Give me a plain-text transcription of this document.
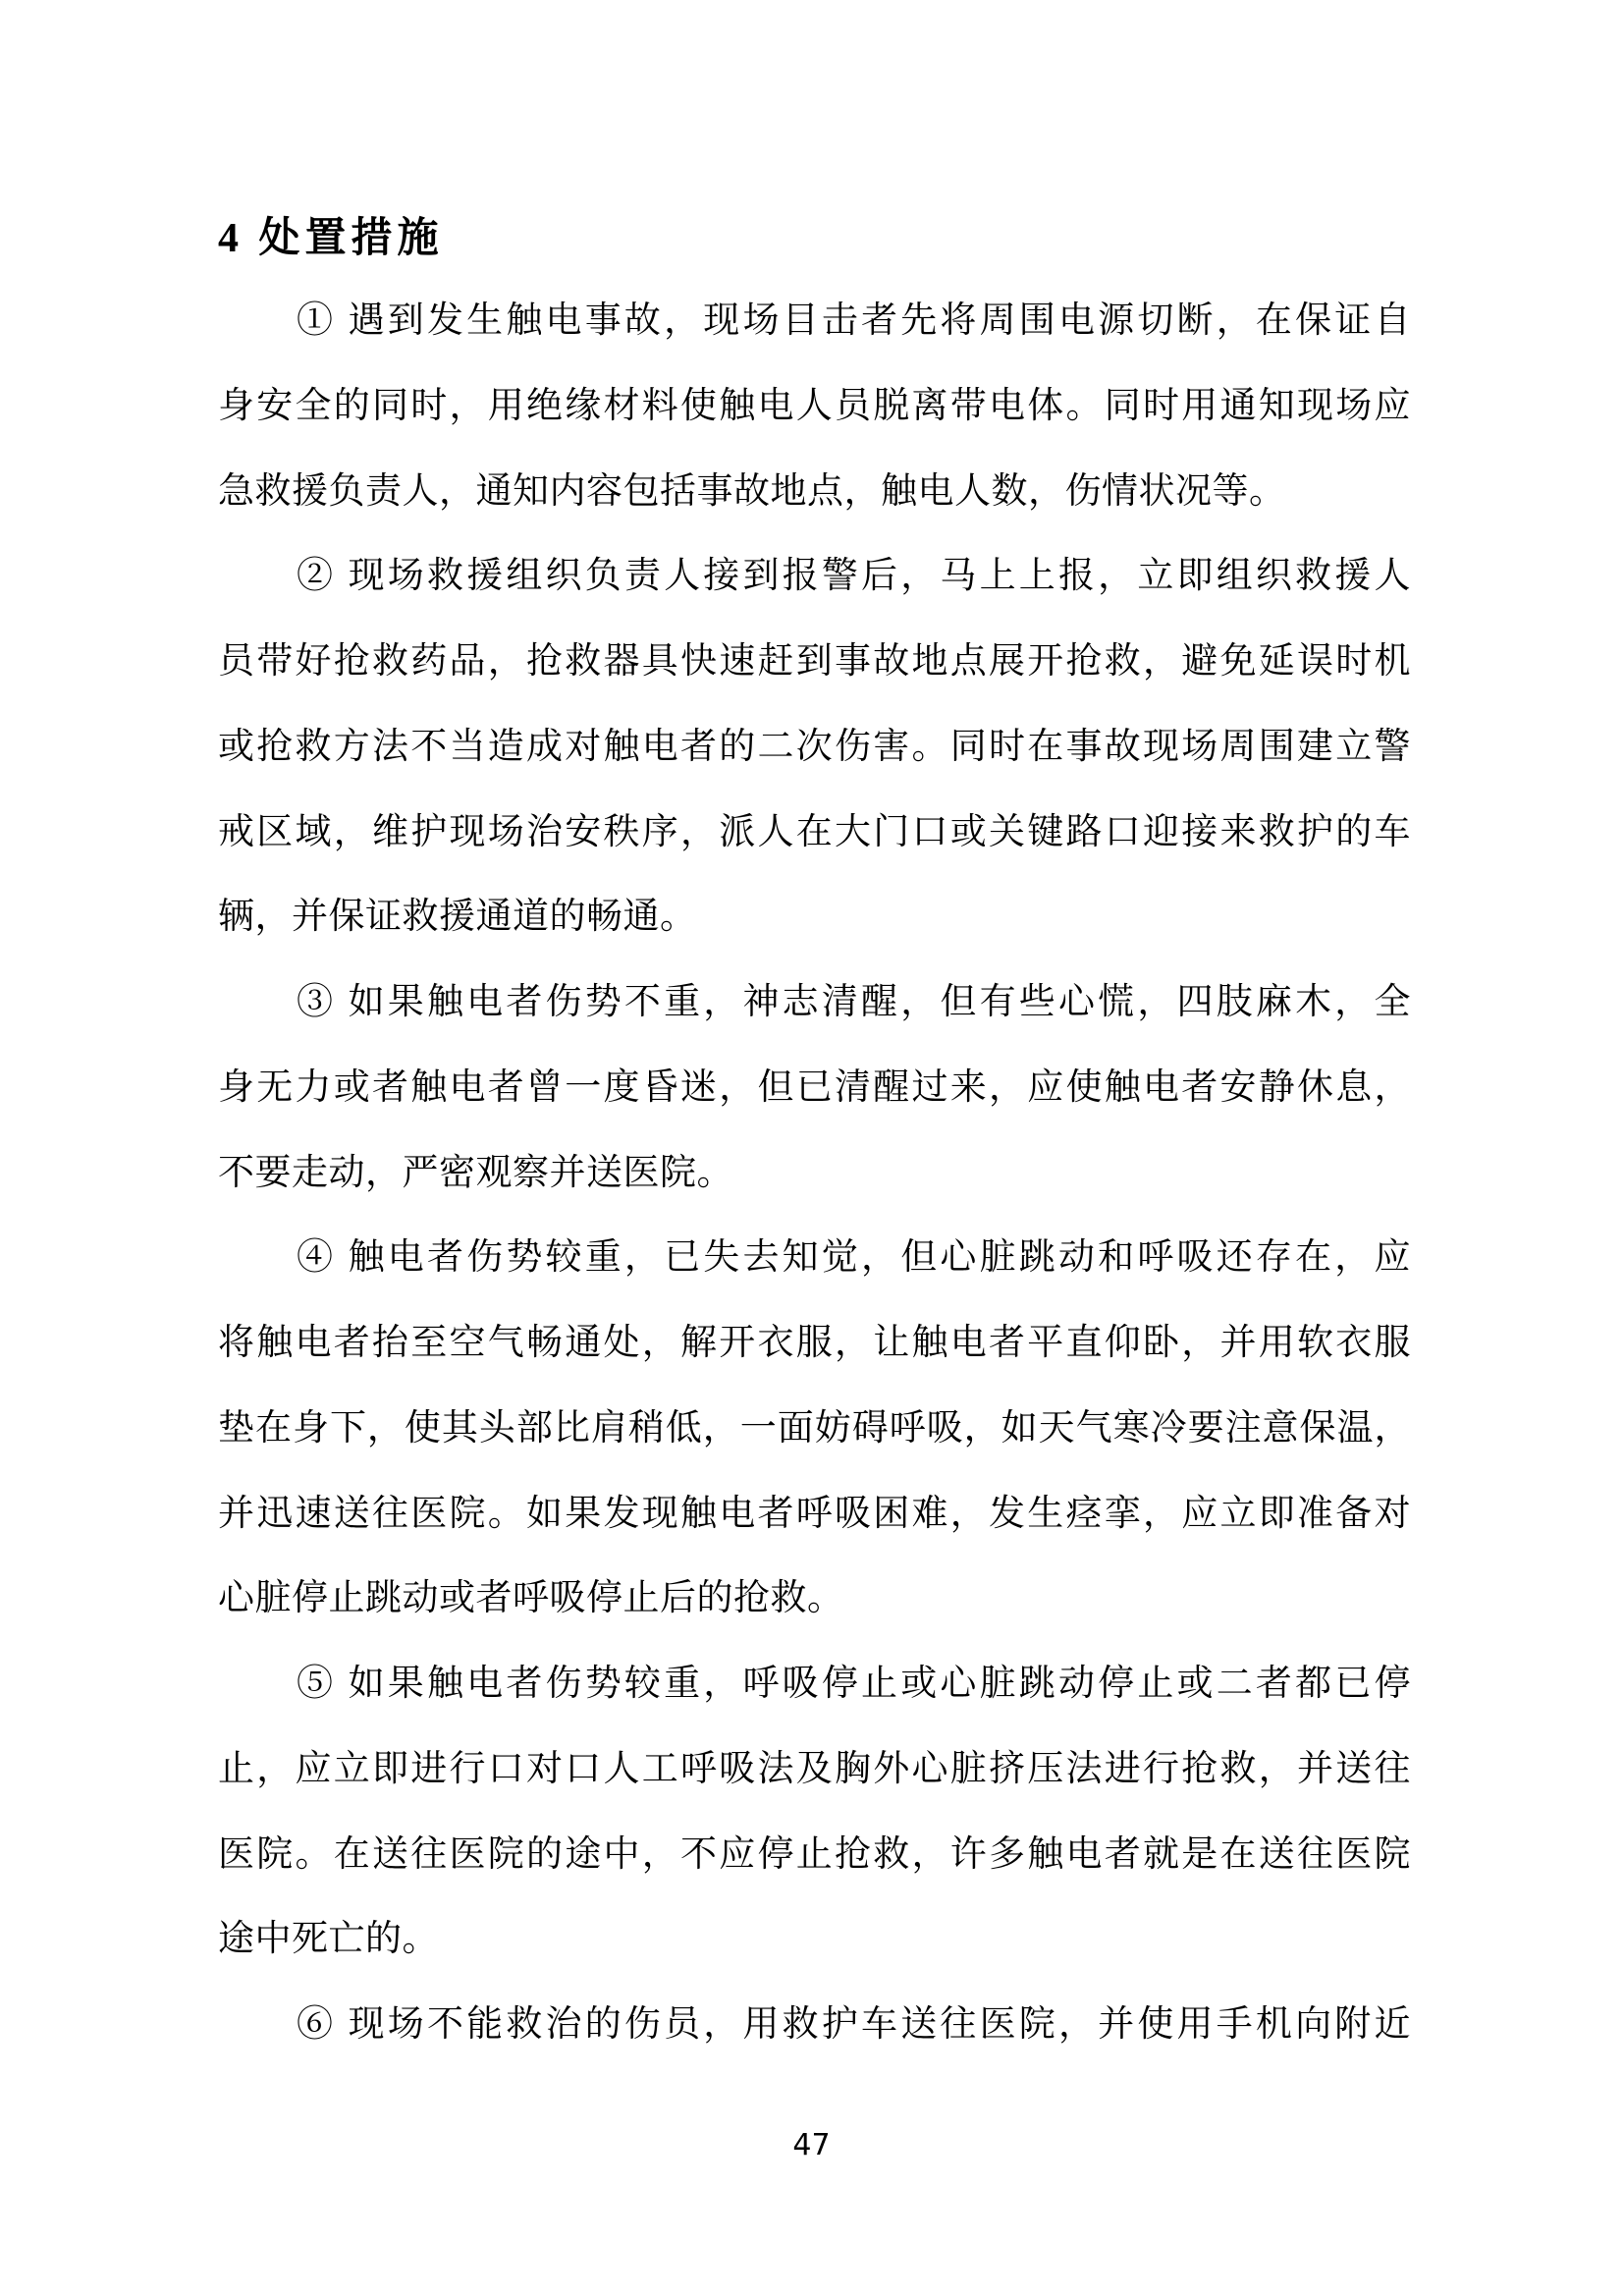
4 处置措施
① 遇到发生触电事故，现场目击者先将周围电源切断，在保证自
身安全的同时，用绝缘材料使触电人员脱离带电体。同时用通知现场应
急救援负责人，通知内容包括事故地点，触电人数，伤情状况等。
② 现场救援组织负责人接到报警后，马上上报，立即组织救援人
员带好抢救药品，抢救器具快速赶到事故地点展开抢救，避免延误时机
或抢救方法不当造成对触电者的二次伤害。同时在事故现场周围建立警
戒区域，维护现场治安秩序，派人在大门口或关键路口迎接来救护的车
辆，并保证救援通道的畅通。
③ 如果触电者伤势不重，神志清醒，但有些心慌，四肢麻木，全
身无力或者触电者曾一度昏迷，但已清醒过来，应使触电者安静休息，
不要走动，严密观察并送医院。
④ 触电者伤势较重，已失去知觉，但心脏跳动和呼吸还存在，应
将触电者抬至空气畅通处，解开衣服，让触电者平直仰卧，并用软衣服
垫在身下，使其头部比肩稍低，一面妨碍呼吸，如天气寒冷要注意保温，
并迅速送往医院。如果发现触电者呼吸困难，发生痉挛，应立即准备对
心脏停止跳动或者呼吸停止后的抢救。
⑤ 如果触电者伤势较重，呼吸停止或心脏跳动停止或二者都已停
止，应立即进行口对口人工呼吸法及胸外心脏挤压法进行抢救，并送往
医院。在送往医院的途中，不应停止抢救，许多触电者就是在送往医院
途中死亡的。
⑥ 现场不能救治的伤员，用救护车送往医院，并使用手机向附近
47
